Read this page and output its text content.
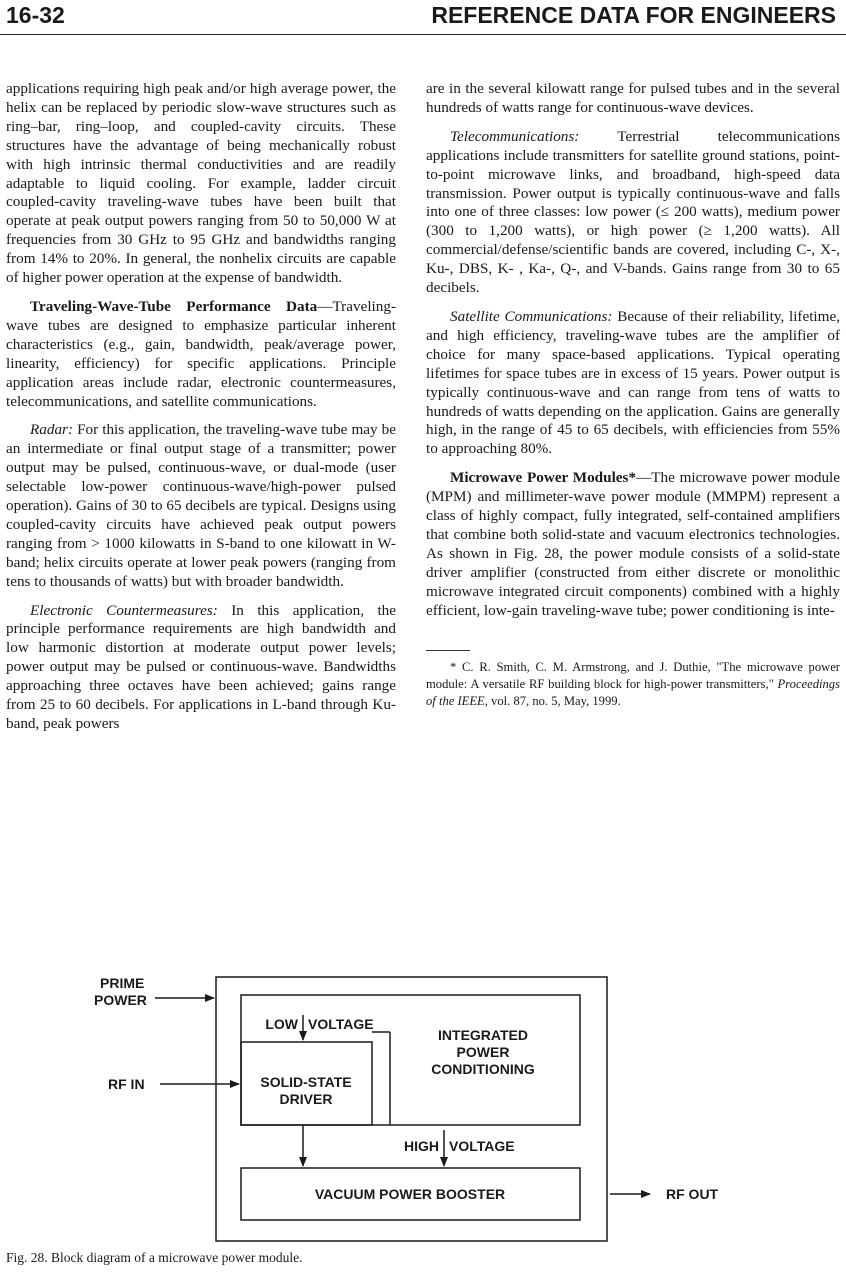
16-32	REFERENCE DATA FOR ENGINEERS

applications requiring high peak and/or high average power, the helix can be replaced by periodic slow-wave structures such as ring–bar, ring–loop, and coupled-cavity circuits. These structures have the advantage of being mechanically robust with high intrinsic thermal conductivities and are readily adaptable to liquid cooling. For example, ladder circuit coupled-cavity traveling-wave tubes have been built that operate at peak output powers ranging from 50 to 50,000 W at frequencies from 30 GHz to 95 GHz and bandwidths ranging from 14% to 20%. In general, the nonhelix circuits are capable of higher power operation at the expense of bandwidth.

Traveling-Wave-Tube Performance Data—Traveling-wave tubes are designed to emphasize particular inherent characteristics (e.g., gain, bandwidth, peak/average power, linearity, efficiency) for specific applications. Principle application areas include radar, electronic countermeasures, telecommunications, and satellite communications.

Radar: For this application, the traveling-wave tube may be an intermediate or final output stage of a transmitter; power output may be pulsed, continuous-wave, or dual-mode (user selectable low-power continuous-wave/high-power pulsed operation). Gains of 30 to 65 decibels are typical. Designs using coupled-cavity circuits have achieved peak output powers ranging from > 1000 kilowatts in S-band to one kilowatt in W-band; helix circuits operate at lower peak powers (ranging from tens to thousands of watts) but with broader bandwidth.

Electronic Countermeasures: In this application, the principle performance requirements are high bandwidth and low harmonic distortion at moderate output power levels; power output may be pulsed or continuous-wave. Bandwidths approaching three octaves have been achieved; gains range from 25 to 60 decibels. For applications in L-band through Ku-band, peak powers

are in the several kilowatt range for pulsed tubes and in the several hundreds of watts range for continuous-wave devices.

Telecommunications: Terrestrial telecommunications applications include transmitters for satellite ground stations, point-to-point microwave links, and broadband, high-speed data transmission. Power output is typically continuous-wave and falls into one of three classes: low power (≤ 200 watts), medium power (300 to 1,200 watts), or high power (≥ 1,200 watts). All commercial/defense/scientific bands are covered, including C-, X-, Ku-, DBS, K- , Ka-, Q-, and V-bands. Gains range from 30 to 65 decibels.

Satellite Communications: Because of their reliability, lifetime, and high efficiency, traveling-wave tubes are the amplifier of choice for many space-based applications. Typical operating lifetimes for space tubes are in excess of 15 years. Power output is typically continuous-wave and can range from tens of watts to hundreds of watts depending on the application. Gains are generally high, in the range of 45 to 65 decibels, with efficiencies from 55% to approaching 80%.

Microwave Power Modules*—The microwave power module (MPM) and millimeter-wave power module (MMPM) represent a class of highly compact, fully integrated, self-contained amplifiers that combine both solid-state and vacuum electronics technologies. As shown in Fig. 28, the power module consists of a solid-state driver amplifier (constructed from either discrete or monolithic microwave integrated circuit components) combined with a highly efficient, low-gain traveling-wave tube; power conditioning is inte-

* C. R. Smith, C. M. Armstrong, and J. Duthie, "The microwave power module: A versatile RF building block for high-power transmitters," Proceedings of the IEEE, vol. 87, no. 5, May, 1999.

PRIME
POWER
RF IN
LOW VOLTAGE
INTEGRATED
POWER
CONDITIONING
SOLID-STATE
DRIVER
HIGH VOLTAGE
VACUUM POWER BOOSTER	RF OUT
Fig. 28. Block diagram of a microwave power module.
